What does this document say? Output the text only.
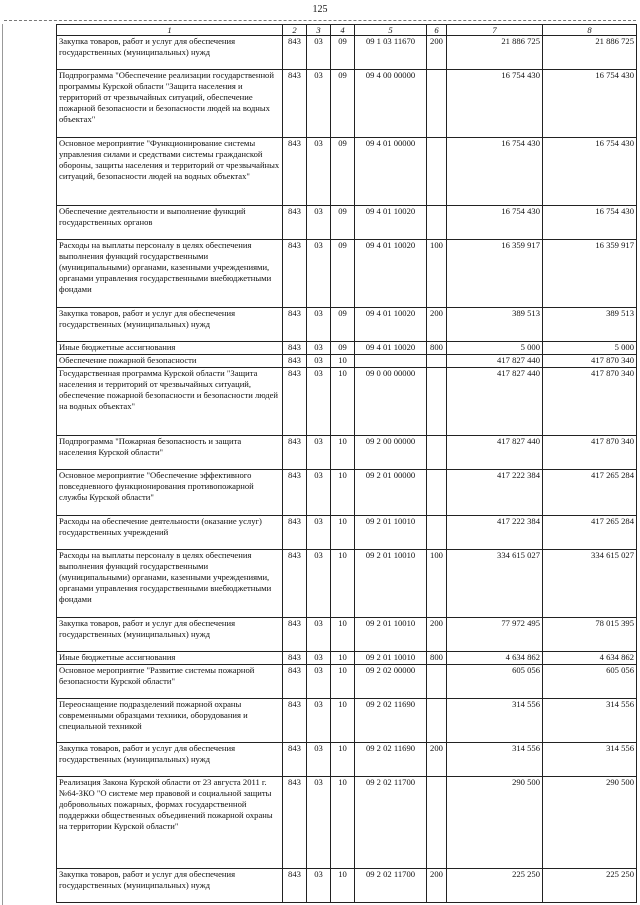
125
1	2	3	4	5	6	7	8
Закупка товаров, работ и услуг для обеспечения государственных (муниципальных) нужд	843	03	09	09 1 03 11670	200	21 886 725	21 886 725
Подпрограмма "Обеспечение реализации государственной программы Курской области "Защита населения и территорий от чрезвычайных ситуаций, обеспечение пожарной безопасности и безопасности людей на водных объектах"	843	03	09	09 4 00 00000		16 754 430	16 754 430
Основное мероприятие "Функционирование системы управления силами и средствами системы гражданской обороны, защиты населения и территорий от чрезвычайных ситуаций, безопасности людей на водных объектах"	843	03	09	09 4 01 00000		16 754 430	16 754 430
Обеспечение деятельности и выполнение функций государственных органов	843	03	09	09 4 01 10020		16 754 430	16 754 430
Расходы на выплаты персоналу в целях обеспечения выполнения функций государственными (муниципальными) органами, казенными учреждениями, органами управления государственными внебюджетными фондами	843	03	09	09 4 01 10020	100	16 359 917	16 359 917
Закупка товаров, работ и услуг для обеспечения государственных (муниципальных) нужд	843	03	09	09 4 01 10020	200	389 513	389 513
Иные бюджетные ассигнования	843	03	09	09 4 01 10020	800	5 000	5 000
Обеспечение пожарной безопасности	843	03	10			417 827 440	417 870 340
Государственная программа Курской области "Защита населения и территорий от чрезвычайных ситуаций, обеспечение пожарной безопасности и безопасности людей на водных объектах"	843	03	10	09 0 00 00000		417 827 440	417 870 340
Подпрограмма "Пожарная безопасность и защита населения Курской области"	843	03	10	09 2 00 00000		417 827 440	417 870 340
Основное мероприятие "Обеспечение эффективного повседневного функционирования противопожарной службы Курской области"	843	03	10	09 2 01 00000		417 222 384	417 265 284
Расходы на обеспечение деятельности (оказание услуг) государственных учреждений	843	03	10	09 2 01 10010		417 222 384	417 265 284
Расходы на выплаты персоналу в целях обеспечения выполнения функций государственными (муниципальными) органами, казенными учреждениями, органами управления государственными внебюджетными фондами	843	03	10	09 2 01 10010	100	334 615 027	334 615 027
Закупка товаров, работ и услуг для обеспечения государственных (муниципальных) нужд	843	03	10	09 2 01 10010	200	77 972 495	78 015 395
Иные бюджетные ассигнования	843	03	10	09 2 01 10010	800	4 634 862	4 634 862
Основное мероприятие "Развитие системы пожарной безопасности Курской области"	843	03	10	09 2 02 00000		605 056	605 056
Переоснащение подразделений пожарной охраны современными образцами техники, оборудования и специальной техникой	843	03	10	09 2 02 11690		314 556	314 556
Закупка товаров, работ и услуг для обеспечения государственных (муниципальных) нужд	843	03	10	09 2 02 11690	200	314 556	314 556
Реализация Закона Курской области от 23 августа 2011 г. №64-ЗКО "О системе мер правовой и социальной защиты добровольных пожарных, формах государственной поддержки общественных объединений пожарной охраны на территории Курской области"	843	03	10	09 2 02 11700		290 500	290 500
Закупка товаров, работ и услуг для обеспечения государственных (муниципальных) нужд	843	03	10	09 2 02 11700	200	225 250	225 250
